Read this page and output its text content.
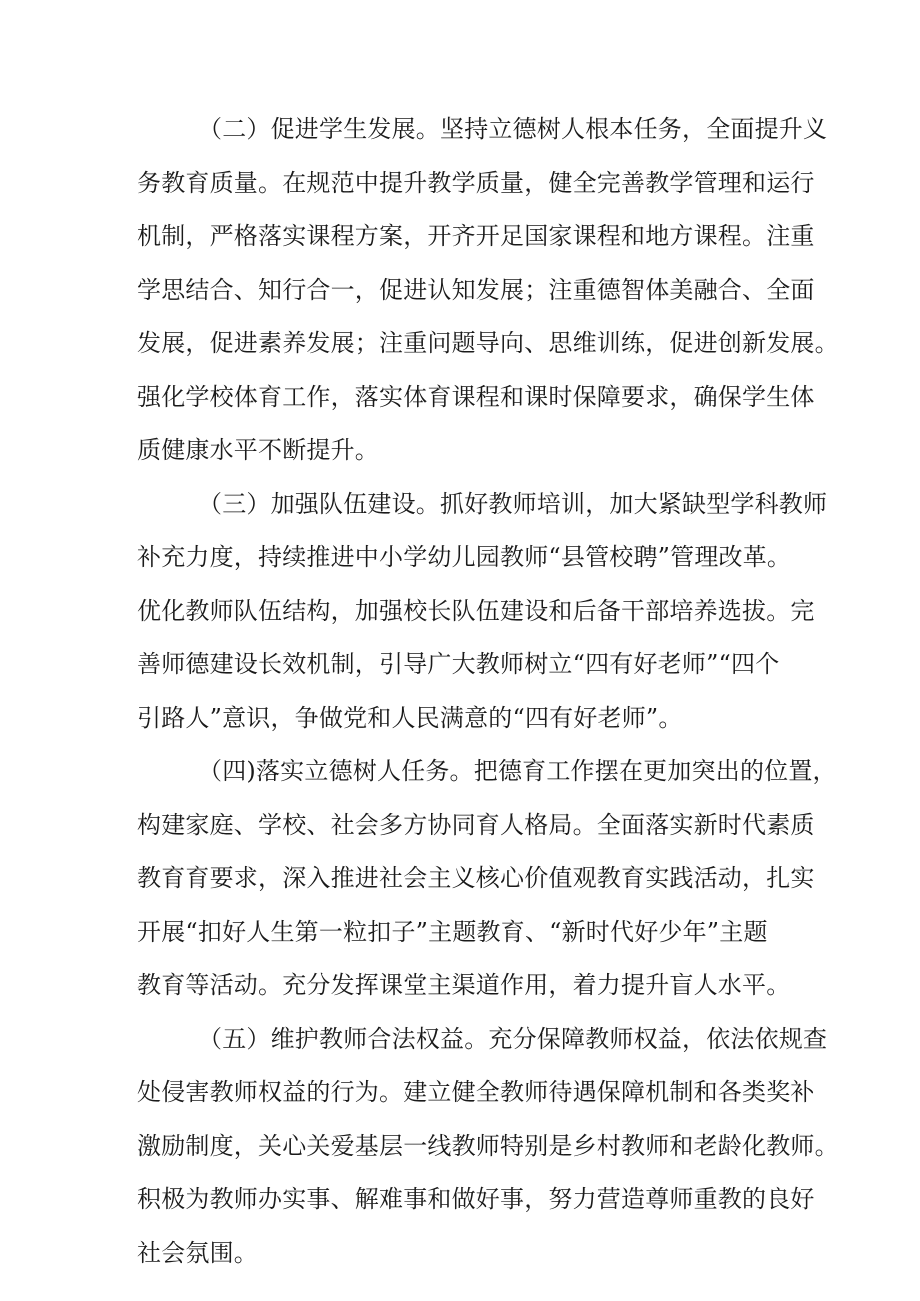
（二）促进学生发展。坚持立德树人根本任务，全面提升义
务教育质量。在规范中提升教学质量，健全完善教学管理和运行
机制，严格落实课程方案，开齐开足国家课程和地方课程。注重
学思结合、知行合一，促进认知发展；注重德智体美融合、全面
发展，促进素养发展；注重问题导向、思维训练，促进创新发展。
强化学校体育工作，落实体育课程和课时保障要求，确保学生体
质健康水平不断提升。
（三）加强队伍建设。抓好教师培训，加大紧缺型学科教师
补充力度，持续推进中小学幼儿园教师“县管校聘”管理改革。
优化教师队伍结构，加强校长队伍建设和后备干部培养选拔。完
善师德建设长效机制，引导广大教师树立“四有好老师”“四个
引路人”意识，争做党和人民满意的“四有好老师”。
（四)落实立德树人任务。把德育工作摆在更加突出的位置，
构建家庭、学校、社会多方协同育人格局。全面落实新时代素质
教育育要求，深入推进社会主义核心价值观教育实践活动，扎实
开展“扣好人生第一粒扣子”主题教育、“新时代好少年”主题
教育等活动。充分发挥课堂主渠道作用，着力提升盲人水平。
（五）维护教师合法权益。充分保障教师权益，依法依规查
处侵害教师权益的行为。建立健全教师待遇保障机制和各类奖补
激励制度，关心关爱基层一线教师特别是乡村教师和老龄化教师。
积极为教师办实事、解难事和做好事，努力营造尊师重教的良好
社会氛围。
